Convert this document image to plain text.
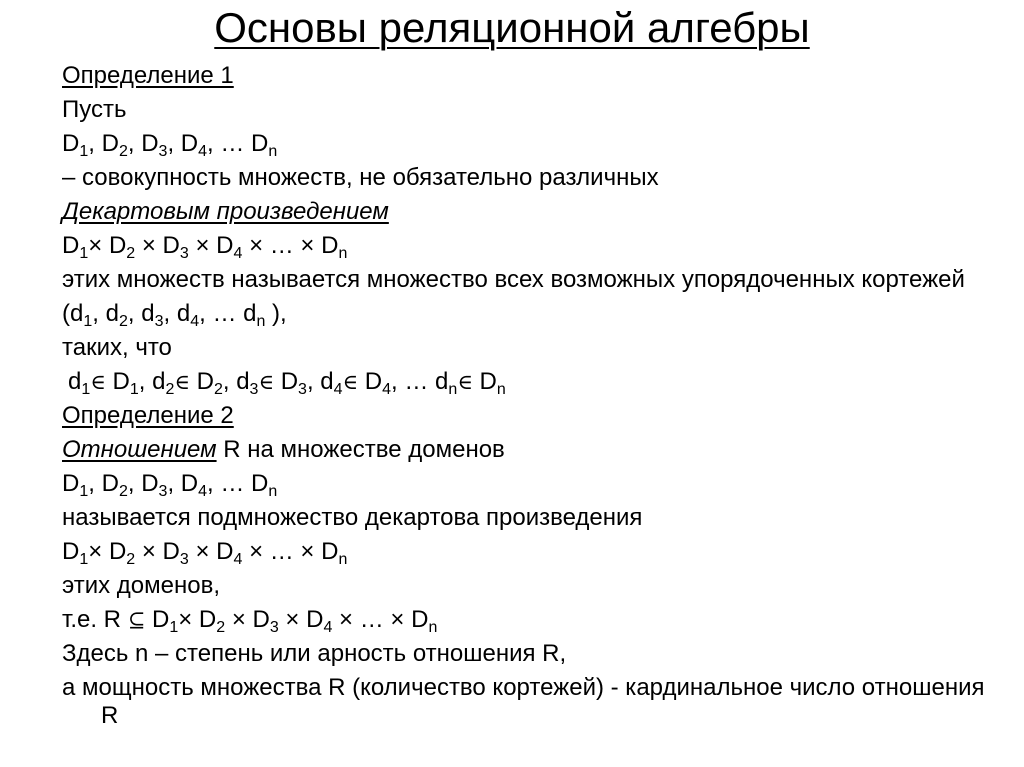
Основы реляционной алгебры
Определение 1
Пусть
$D_1$, $D_2$, $D_3$, $D_4$, … $D_n$
– совокупность множеств, не обязательно различных
Декартовым произведением
$D_1\times D_2 \times D_3 \times D_4$ × … × $D_n$
этих множеств называется множество всех возможных упорядоченных кортежей
($d_1$, $d_2$, $d_3$, $d_4$, … $d_n$ ),
таких, что
$d_1\in$ $D_1$, $d_2\in$ $D_2$, $d_3\in$ $D_3$, $d_4\in$ $D_4$, … $d_n\in$ $D_n$
Определение 2
Отношением R на множестве доменов
$D_1$, $D_2$, $D_3$, $D_4$, … $D_n$
называется подмножество декартова произведения
$D_1\times D_2 \times D_3 \times D_4$ × … × $D_n$
этих доменов,
т.е. R ⊆ $D_1\times D_2 \times D_3 \times D_4$ × … × $D_n$
Здесь n – степень или арность отношения R,
а мощность множества R (количество кортежей) - кардинальное число отношения R
